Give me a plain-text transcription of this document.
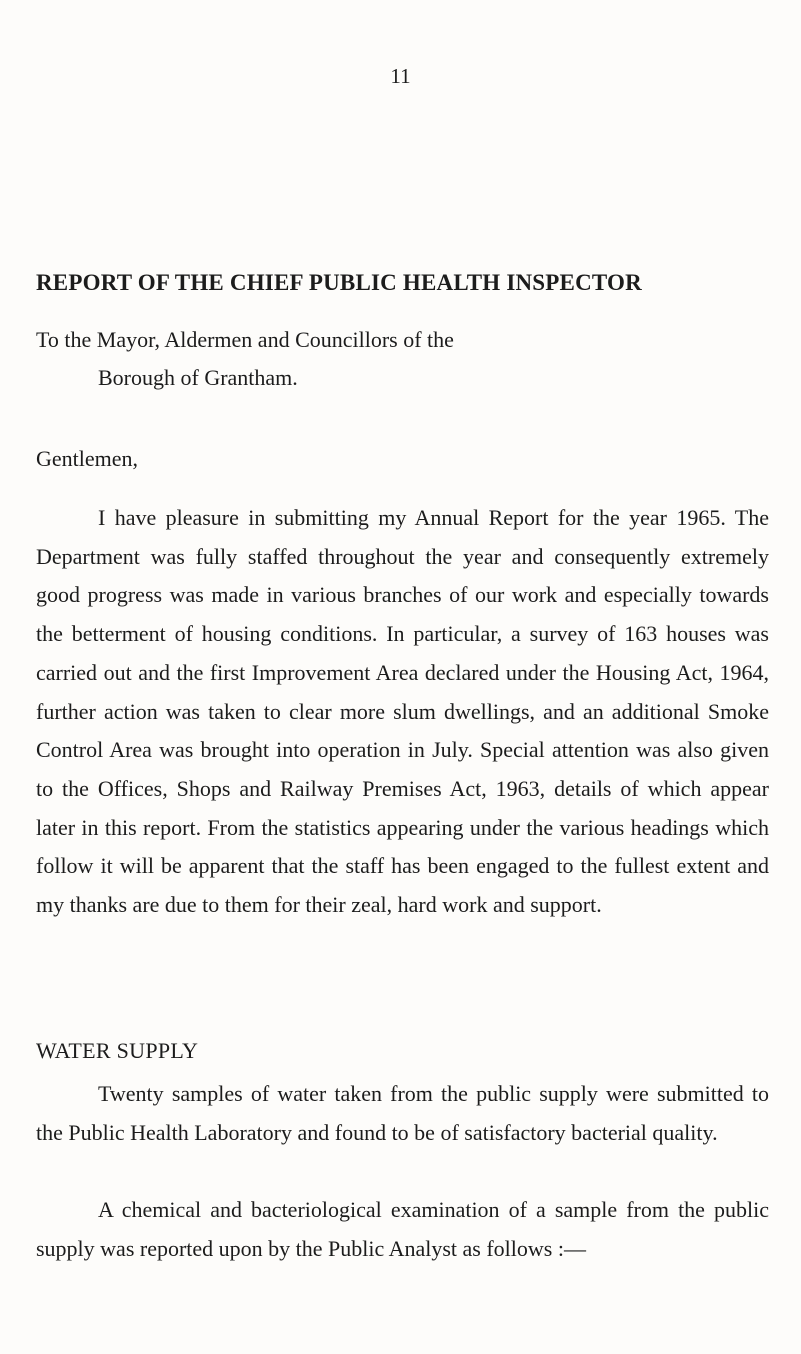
11
REPORT OF THE CHIEF PUBLIC HEALTH INSPECTOR
To the Mayor, Aldermen and Councillors of the
Borough of Grantham.
Gentlemen,

I have pleasure in submitting my Annual Report for the year 1965. The Department was fully staffed throughout the year and consequently extremely good progress was made in various branches of our work and especially towards the betterment of housing conditions. In particular, a survey of 163 houses was carried out and the first Improvement Area declared under the Housing Act, 1964, further action was taken to clear more slum dwellings, and an additional Smoke Control Area was brought into operation in July. Special attention was also given to the Offices, Shops and Railway Premises Act, 1963, details of which appear later in this report. From the statistics appearing under the various headings which follow it will be apparent that the staff has been engaged to the fullest extent and my thanks are due to them for their zeal, hard work and support.

WATER SUPPLY

Twenty samples of water taken from the public supply were submitted to the Public Health Laboratory and found to be of satisfactory bacterial quality.

A chemical and bacteriological examination of a sample from the public supply was reported upon by the Public Analyst as follows :—
